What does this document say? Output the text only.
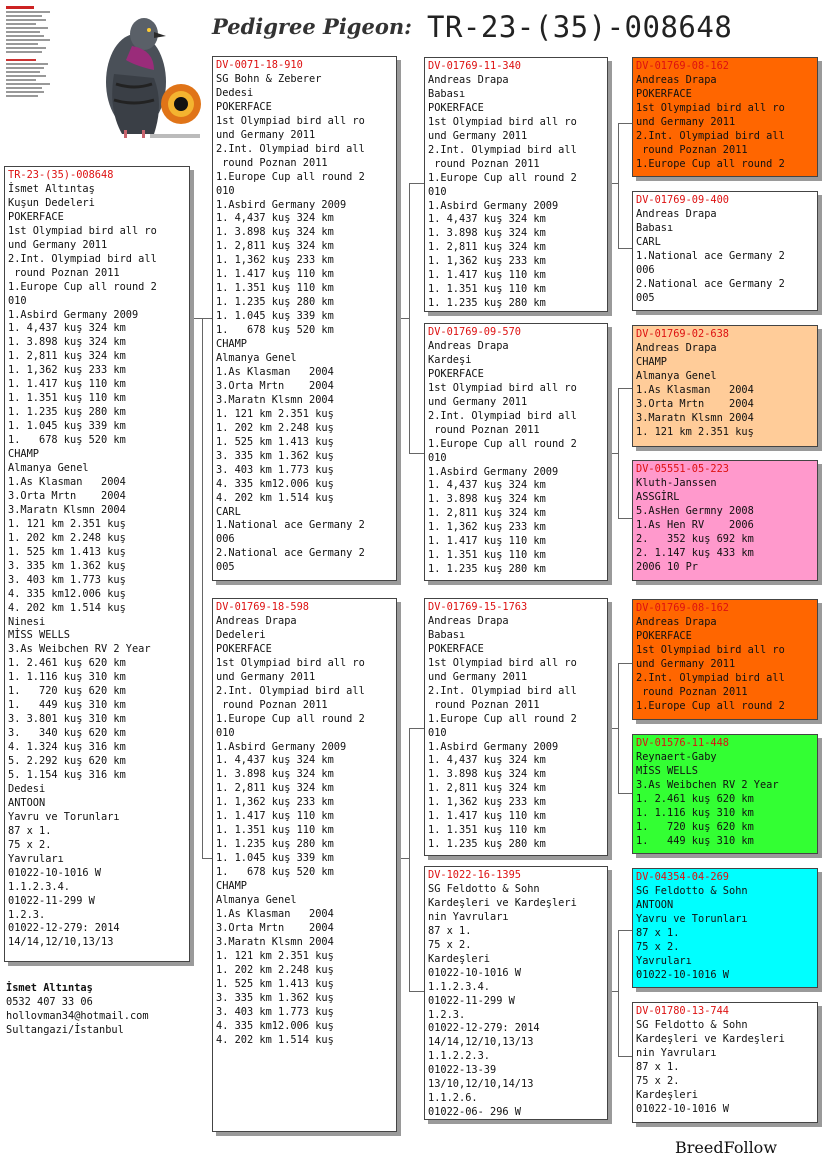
Pedigree Pigeon: TR-23-(35)-008648
TR-23-(35)-008648
İsmet Altıntaş
Kuşun Dedeleri
POKERFACE
1st Olympiad bird all ro
und Germany 2011
2.Int. Olympiad bird all
round Poznan 2011
1.Europe Cup all round 2
010
1.Asbird Germany 2009
1. 4,437 kuş 324 km
1. 3.898 kuş 324 km
1. 2,811 kuş 324 km
1. 1,362 kuş 233 km
1. 1.417 kuş 110 km
1. 1.351 kuş 110 km
1. 1.235 kuş 280 km
1. 1.045 kuş 339 km
1.   678 kuş 520 km
CHAMP
Almanya Genel
1.As Klasman   2004
3.Orta Mrtn    2004
3.Maratn Klsmn 2004
1. 121 km 2.351 kuş
1. 202 km 2.248 kuş
1. 525 km 1.413 kuş
3. 335 km 1.362 kuş
3. 403 km 1.773 kuş
4. 335 km12.006 kuş
4. 202 km 1.514 kuş
Ninesi
MİSS WELLS
3.As Weibchen RV 2 Year
1. 2.461 kuş 620 km
1. 1.116 kuş 310 km
1.   720 kuş 620 km
1.   449 kuş 310 km
3. 3.801 kuş 310 km
3.   340 kuş 620 km
4. 1.324 kuş 316 km
5. 2.292 kuş 620 km
5. 1.154 kuş 316 km
Dedesi
ANTOON
Yavru ve Torunları
87 x 1.
75 x 2.
Yavruları
01022-10-1016 W
1.1.2.3.4.
01022-11-299 W
1.2.3.
01022-12-279: 2014
14/14,12/10,13/13
DV-0071-18-910
SG Bohn & Zeberer
Dedesi
POKERFACE
1st Olympiad bird all ro
und Germany 2011
2.Int. Olympiad bird all
round Poznan 2011
1.Europe Cup all round 2
010
1.Asbird Germany 2009
1. 4,437 kuş 324 km
1. 3.898 kuş 324 km
1. 2,811 kuş 324 km
1. 1,362 kuş 233 km
1. 1.417 kuş 110 km
1. 1.351 kuş 110 km
1. 1.235 kuş 280 km
1. 1.045 kuş 339 km
1.   678 kuş 520 km
CHAMP
Almanya Genel
1.As Klasman   2004
3.Orta Mrtn    2004
3.Maratn Klsmn 2004
1. 121 km 2.351 kuş
1. 202 km 2.248 kuş
1. 525 km 1.413 kuş
3. 335 km 1.362 kuş
3. 403 km 1.773 kuş
4. 335 km12.006 kuş
4. 202 km 1.514 kuş
CARL
1.National ace Germany 2
006
2.National ace Germany 2
005
DV-01769-18-598
Andreas Drapa
Dedeleri
POKERFACE
1st Olympiad bird all ro
und Germany 2011
2.Int. Olympiad bird all
round Poznan 2011
1.Europe Cup all round 2
010
1.Asbird Germany 2009
1. 4,437 kuş 324 km
1. 3.898 kuş 324 km
1. 2,811 kuş 324 km
1. 1,362 kuş 233 km
1. 1.417 kuş 110 km
1. 1.351 kuş 110 km
1. 1.235 kuş 280 km
1. 1.045 kuş 339 km
1.   678 kuş 520 km
CHAMP
Almanya Genel
1.As Klasman   2004
3.Orta Mrtn    2004
3.Maratn Klsmn 2004
1. 121 km 2.351 kuş
1. 202 km 2.248 kuş
1. 525 km 1.413 kuş
3. 335 km 1.362 kuş
3. 403 km 1.773 kuş
4. 335 km12.006 kuş
4. 202 km 1.514 kuş
DV-01769-11-340
Andreas Drapa
Babası
POKERFACE
1st Olympiad bird all ro
und Germany 2011
2.Int. Olympiad bird all
round Poznan 2011
1.Europe Cup all round 2
010
1.Asbird Germany 2009
1. 4,437 kuş 324 km
1. 3.898 kuş 324 km
1. 2,811 kuş 324 km
1. 1,362 kuş 233 km
1. 1.417 kuş 110 km
1. 1.351 kuş 110 km
1. 1.235 kuş 280 km
DV-01769-09-570
Andreas Drapa
Kardeşi
POKERFACE
1st Olympiad bird all ro
und Germany 2011
2.Int. Olympiad bird all
round Poznan 2011
1.Europe Cup all round 2
010
1.Asbird Germany 2009
1. 4,437 kuş 324 km
1. 3.898 kuş 324 km
1. 2,811 kuş 324 km
1. 1,362 kuş 233 km
1. 1.417 kuş 110 km
1. 1.351 kuş 110 km
1. 1.235 kuş 280 km
DV-01769-15-1763
Andreas Drapa
Babası
POKERFACE
1st Olympiad bird all ro
und Germany 2011
2.Int. Olympiad bird all
round Poznan 2011
1.Europe Cup all round 2
010
1.Asbird Germany 2009
1. 4,437 kuş 324 km
1. 3.898 kuş 324 km
1. 2,811 kuş 324 km
1. 1,362 kuş 233 km
1. 1.417 kuş 110 km
1. 1.351 kuş 110 km
1. 1.235 kuş 280 km
DV-1022-16-1395
SG Feldotto & Sohn
Kardeşleri ve Kardeşleri
nin Yavruları
87 x 1.
75 x 2.
Kardeşleri
01022-10-1016 W
1.1.2.3.4.
01022-11-299 W
1.2.3.
01022-12-279: 2014
14/14,12/10,13/13
1.1.2.2.3.
01022-13-39
13/10,12/10,14/13
1.1.2.6.
01022-06- 296 W
DV-01769-08-162
Andreas Drapa
POKERFACE
1st Olympiad bird all ro
und Germany 2011
2.Int. Olympiad bird all
round Poznan 2011
1.Europe Cup all round 2
DV-01769-09-400
Andreas Drapa
Babası
CARL
1.National ace Germany 2
006
2.National ace Germany 2
005
DV-01769-02-638
Andreas Drapa
CHAMP
Almanya Genel
1.As Klasman   2004
3.Orta Mrtn    2004
3.Maratn Klsmn 2004
1. 121 km 2.351 kuş
DV-05551-05-223
Kluth-Janssen
ASSGİRL
5.AsHen Germny 2008
1.As Hen RV    2006
2.   352 kuş 692 km
2. 1.147 kuş 433 km
2006 10 Pr
DV-01769-08-162
Andreas Drapa
POKERFACE
1st Olympiad bird all ro
und Germany 2011
2.Int. Olympiad bird all
round Poznan 2011
1.Europe Cup all round 2
DV-01576-11-448
Reynaert-Gaby
MİSS WELLS
3.As Weibchen RV 2 Year
1. 2.461 kuş 620 km
1. 1.116 kuş 310 km
1.   720 kuş 620 km
1.   449 kuş 310 km
DV-04354-04-269
SG Feldotto & Sohn
ANTOON
Yavru ve Torunları
87 x 1.
75 x 2.
Yavruları
01022-10-1016 W
DV-01780-13-744
SG Feldotto & Sohn
Kardeşleri ve Kardeşleri
nin Yavruları
87 x 1.
75 x 2.
Kardeşleri
01022-10-1016 W
İsmet Altıntaş
0532 407 33 06
hollovman34@hotmail.com
Sultangazi/İstanbul
BreedFollow
